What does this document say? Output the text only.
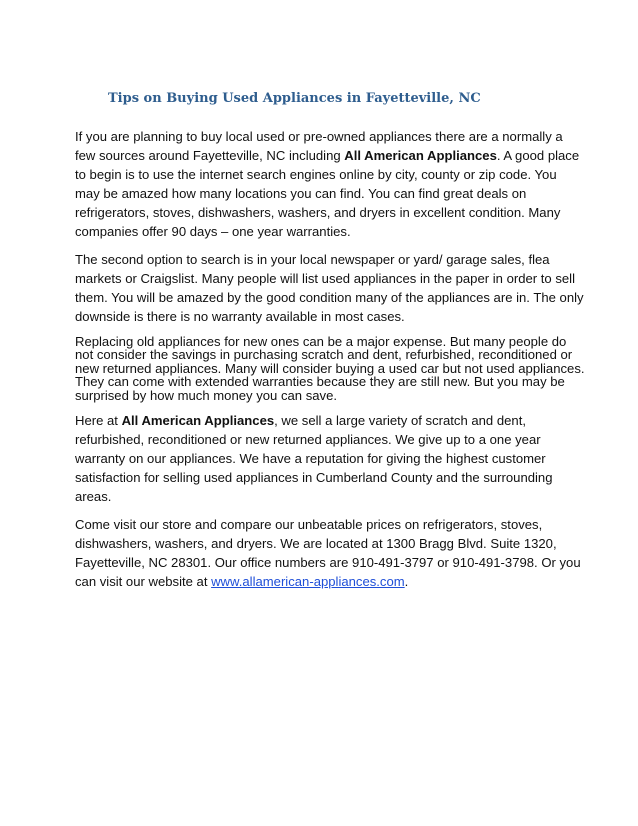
Tips on Buying Used Appliances in Fayetteville, NC

If you are planning to buy local used or pre-owned appliances there are a normally a
few sources around Fayetteville, NC including All American Appliances. A good place
to begin is to use the internet search engines online by city, county or zip code. You
may be amazed how many locations you can find. You can find great deals on
refrigerators, stoves, dishwashers, washers, and dryers in excellent condition. Many
companies offer 90 days – one year warranties.

The second option to search is in your local newspaper or yard/ garage sales, flea
markets or Craigslist. Many people will list used appliances in the paper in order to sell
them. You will be amazed by the good condition many of the appliances are in. The only
downside is there is no warranty available in most cases.

Replacing old appliances for new ones can be a major expense. But many people do
not consider the savings in purchasing scratch and dent, refurbished, reconditioned or
new returned appliances. Many will consider buying a used car but not used appliances.
They can come with extended warranties because they are still new. But you may be
surprised by how much money you can save.

Here at All American Appliances, we sell a large variety of scratch and dent,
refurbished, reconditioned or new returned appliances. We give up to a one year
warranty on our appliances. We have a reputation for giving the highest customer
satisfaction for selling used appliances in Cumberland County and the surrounding
areas.

Come visit our store and compare our unbeatable prices on refrigerators, stoves,
dishwashers, washers, and dryers. We are located at 1300 Bragg Blvd. Suite 1320,
Fayetteville, NC 28301. Our office numbers are 910-491-3797 or 910-491-3798. Or you
can visit our website at www.allamerican-appliances.com.
